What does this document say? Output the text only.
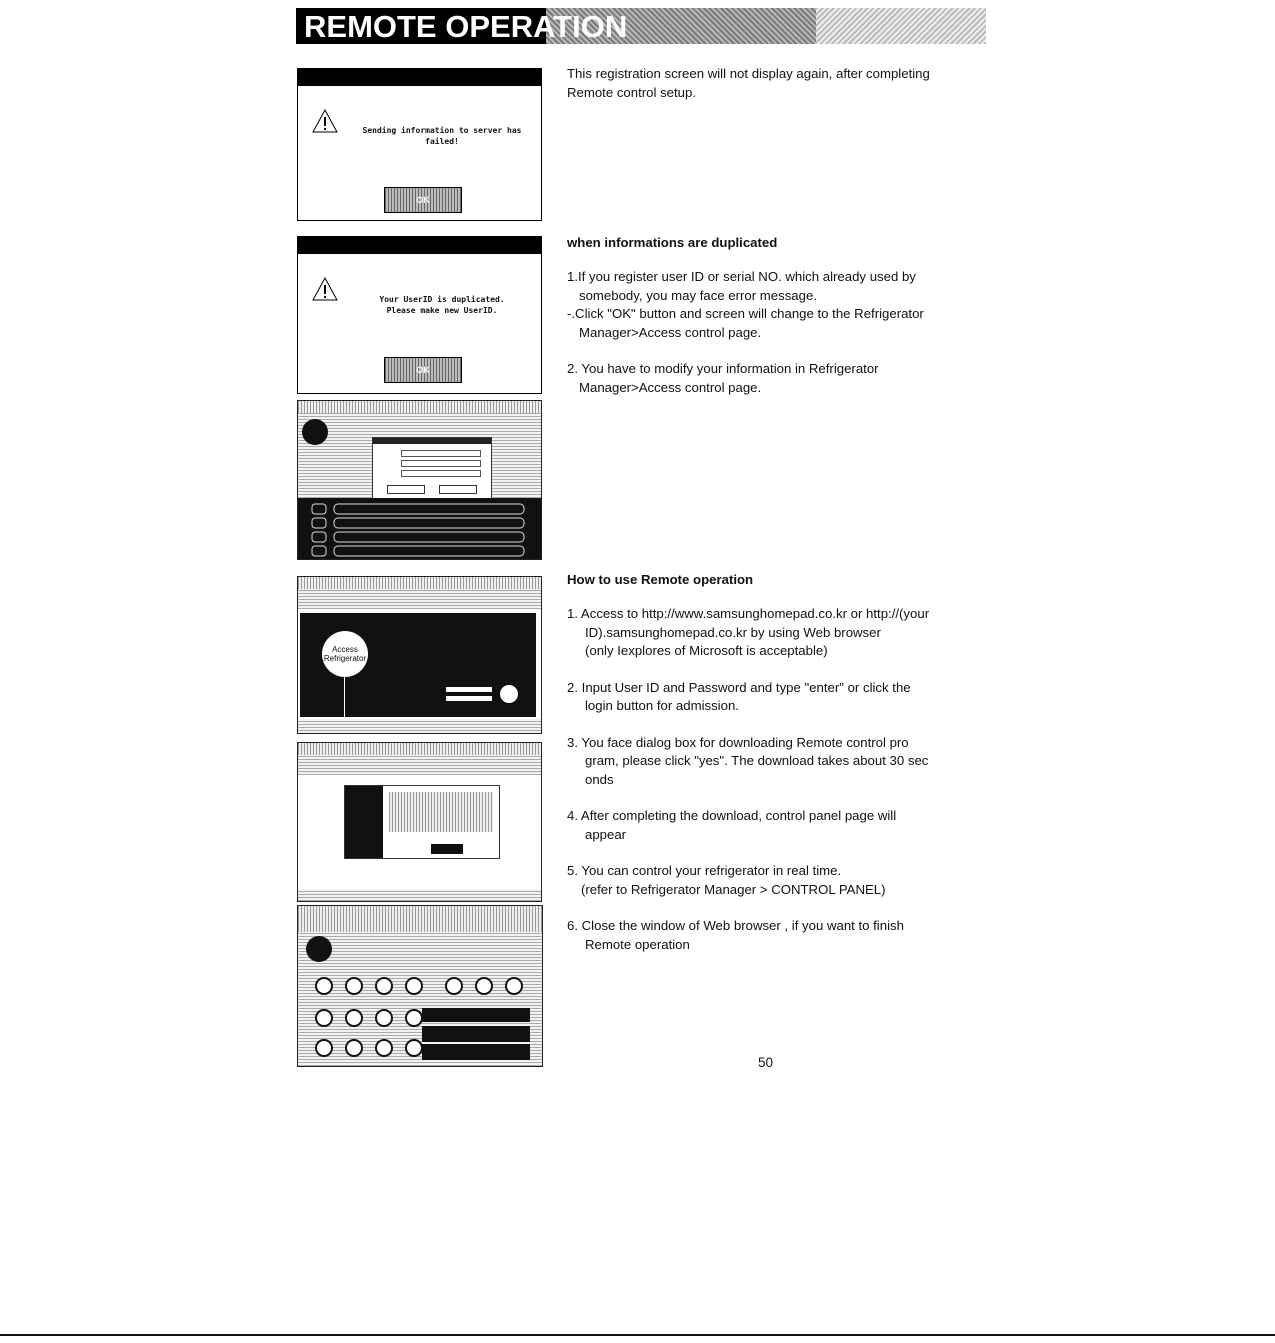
REMOTE OPERATION
Sending information to server has
failed!
OK
Your UserID is duplicated.
Please make new UserID.
OK
Access
Refrigerator
This registration screen will not display again, after completing
Remote control setup.
when informations are duplicated
1.If you register user ID or serial NO. which already used by
somebody, you may face error message.
-.Click "OK" button and screen will change to the Refrigerator
Manager>Access control page.
2. You have to modify your information in Refrigerator
Manager>Access control page.
How to use Remote operation
1. Access to http://www.samsunghomepad.co.kr or http://(your
ID).samsunghomepad.co.kr by using Web browser
(only Iexplores of Microsoft is acceptable)
2. Input User ID and Password and type "enter" or click the
login button for admission.
3. You face dialog box for downloading Remote control pro
gram, please click "yes". The download takes about 30 sec
onds
4. After completing the download, control panel page will
appear
5. You can control your refrigerator in real time.
(refer to Refrigerator Manager > CONTROL PANEL)
6. Close the window of Web browser , if you want to finish
Remote operation
50
